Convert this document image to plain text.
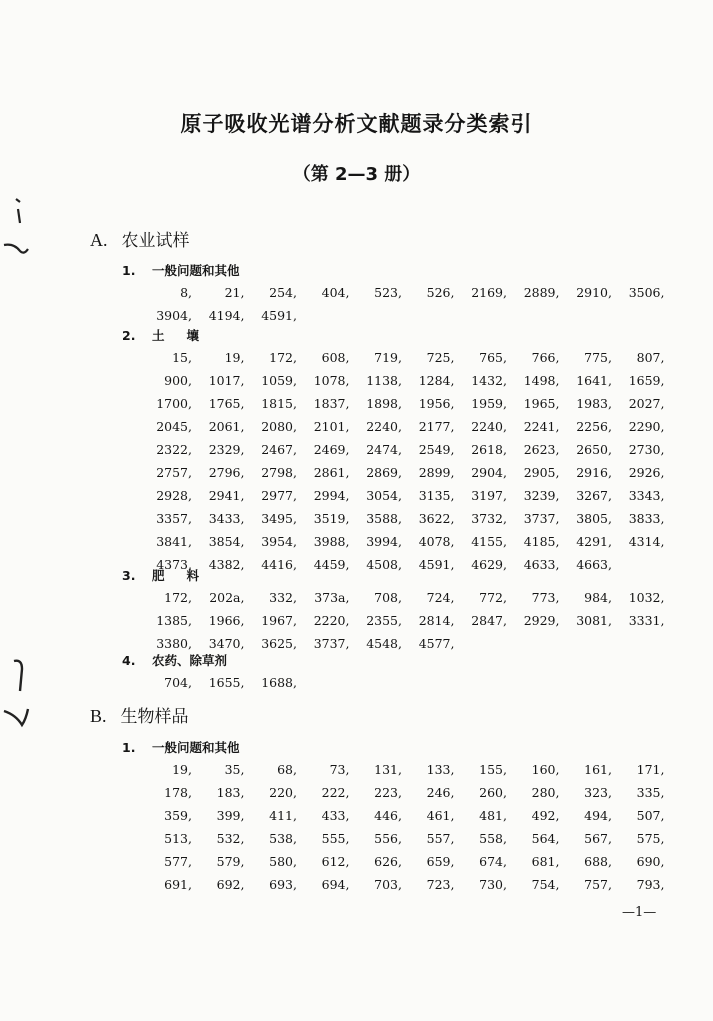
原子吸收光谱分析文献题录分类索引
（第 2—3 册）
A. 农业试样
1. 一般问题和其他
8,	21,	254,	404,	523,	526,	2169,	2889,	2910,	3506,
3904,	4194,	4591,
2. 土壤
15,	19,	172,	608,	719,	725,	765,	766,	775,	807,
900,	1017,	1059,	1078,	1138,	1284,	1432,	1498,	1641,	1659,
1700,	1765,	1815,	1837,	1898,	1956,	1959,	1965,	1983,	2027,
2045,	2061,	2080,	2101,	2240,	2177,	2240,	2241,	2256,	2290,
2322,	2329,	2467,	2469,	2474,	2549,	2618,	2623,	2650,	2730,
2757,	2796,	2798,	2861,	2869,	2899,	2904,	2905,	2916,	2926,
2928,	2941,	2977,	2994,	3054,	3135,	3197,	3239,	3267,	3343,
3357,	3433,	3495,	3519,	3588,	3622,	3732,	3737,	3805,	3833,
3841,	3854,	3954,	3988,	3994,	4078,	4155,	4185,	4291,	4314,
4373,	4382,	4416,	4459,	4508,	4591,	4629,	4633,	4663,
3. 肥料
172,	202a,	332,	373a,	708,	724,	772,	773,	984,	1032,
1385,	1966,	1967,	2220,	2355,	2814,	2847,	2929,	3081,	3331,
3380,	3470,	3625,	3737,	4548,	4577,
4. 农药、除草剂
704,	1655,	1688,
B. 生物样品
1. 一般问题和其他
19,	35,	68,	73,	131,	133,	155,	160,	161,	171,
178,	183,	220,	222,	223,	246,	260,	280,	323,	335,
359,	399,	411,	433,	446,	461,	481,	492,	494,	507,
513,	532,	538,	555,	556,	557,	558,	564,	567,	575,
577,	579,	580,	612,	626,	659,	674,	681,	688,	690,
691,	692,	693,	694,	703,	723,	730,	754,	757,	793,
—1—
